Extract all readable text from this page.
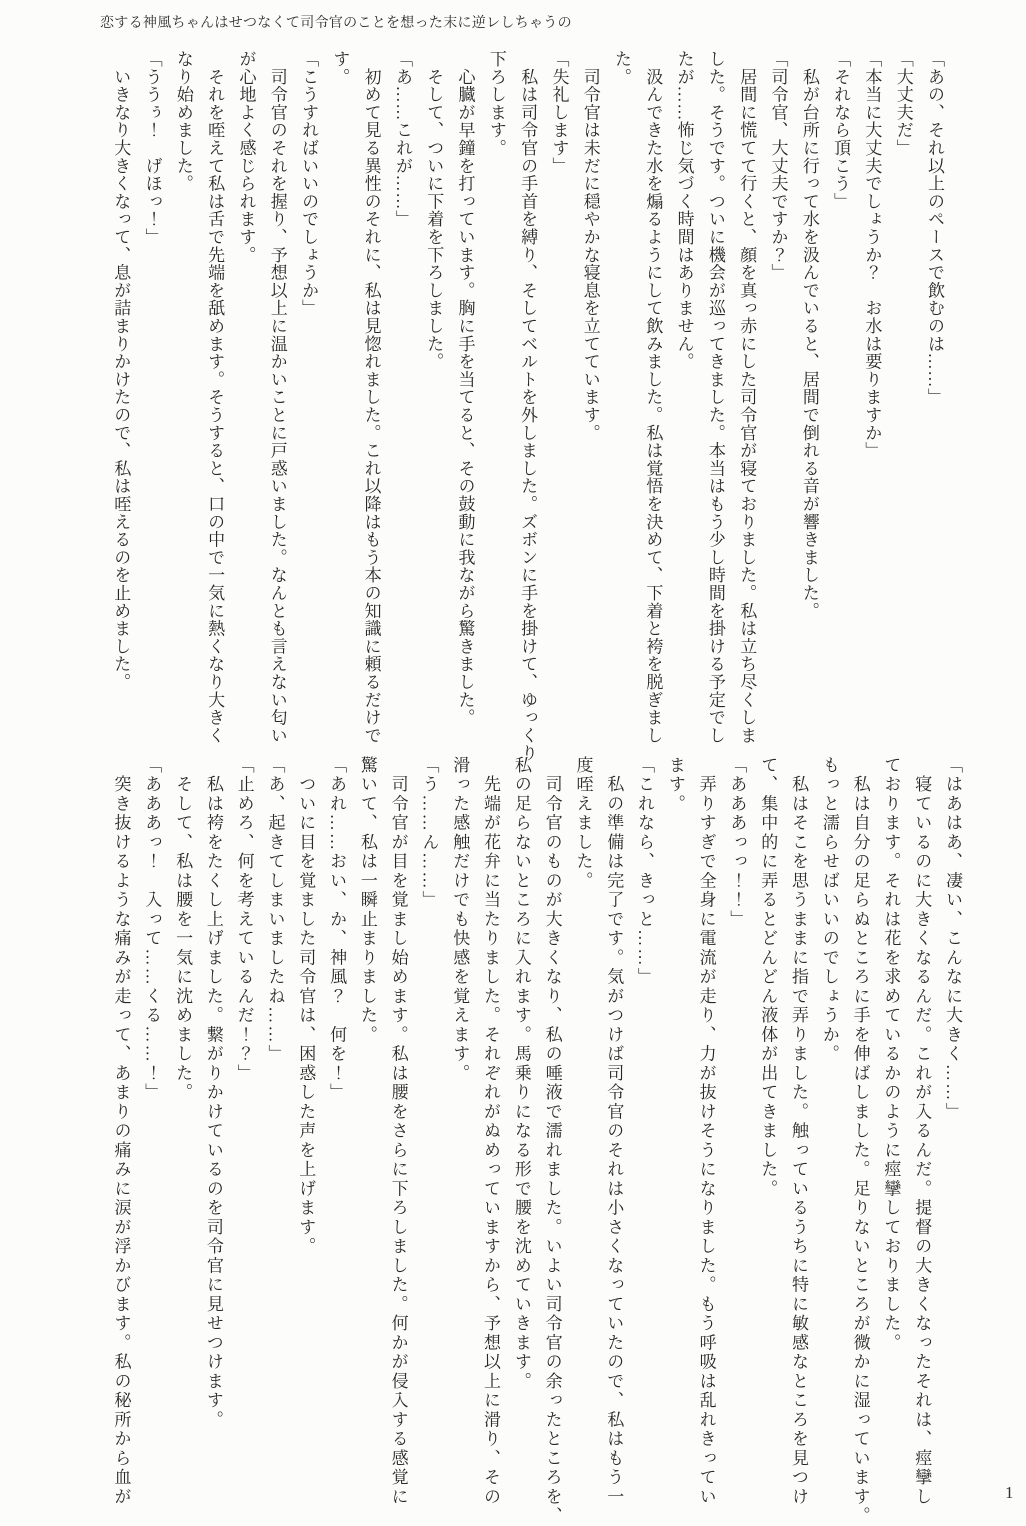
恋する神風ちゃんはせつなくて司令官のことを想った末に逆レしちゃうの
「あの、それ以上のペースで飲むのは……」
「大丈夫だ」
「本当に大丈夫でしょうか？　お水は要りますか」
「それなら頂こう」
　私が台所に行って水を汲んでいると、居間で倒れる音が響きました。
「司令官、大丈夫ですか？」
　居間に慌てて行くと、顔を真っ赤にした司令官が寝ておりました。私は立ち尽くしま
した。そうです。ついに機会が巡ってきました。本当はもう少し時間を掛ける予定でし
たが……怖じ気づく時間はありません。
　汲んできた水を煽るようにして飲みました。私は覚悟を決めて、下着と袴を脱ぎまし
た。
　司令官は未だに穏やかな寝息を立てています。
「失礼します」
　私は司令官の手首を縛り、そしてベルトを外しました。ズボンに手を掛けて、ゆっくり
下ろします。
　心臓が早鐘を打っています。胸に手を当てると、その鼓動に我ながら驚きました。
　そして、ついに下着を下ろしました。
「あ……これが……」
　初めて見る異性のそれに、私は見惚れました。これ以降はもう本の知識に頼るだけで
す。
「こうすればいいのでしょうか」
　司令官のそれを握り、予想以上に温かいことに戸惑いました。なんとも言えない匂い
が心地よく感じられます。
　それを咥えて私は舌で先端を舐めます。そうすると、口の中で一気に熱くなり大きく
なり始めました。
「ううぅ！　げほっ！」
　いきなり大きくなって、息が詰まりかけたので、私は咥えるのを止めました。
「はあはあ、凄い、こんなに大きく……」
　寝ているのに大きくなるんだ。これが入るんだ。提督の大きくなったそれは、痙攣し
ております。それは花を求めているかのように痙攣しておりました。
　私は自分の足らぬところに手を伸ばしました。足りないところが微かに湿っています。
もっと濡らせばいいのでしょうか。
　私はそこを思うままに指で弄りました。触っているうちに特に敏感なところを見つけ
て、集中的に弄るとどんどん液体が出てきました。
「あああっっ！！」
　弄りすぎで全身に電流が走り、力が抜けそうになりました。もう呼吸は乱れきってい
ます。
「これなら、きっと……」
　私の準備は完了です。気がつけば司令官のそれは小さくなっていたので、私はもう一
度咥えました。
　司令官のものが大きくなり、私の唾液で濡れました。いよい司令官の余ったところを、
私の足らないところに入れます。馬乗りになる形で腰を沈めていきます。
　先端が花弁に当たりました。それぞれがぬめっていますから、予想以上に滑り、その
滑った感触だけでも快感を覚えます。
「う……ん……」
　司令官が目を覚まし始めます。私は腰をさらに下ろしました。何かが侵入する感覚に
驚いて、私は一瞬止まりました。
「あれ……おい、か、神風？　何を！」
　ついに目を覚ました司令官は、困惑した声を上げます。
「あ、起きてしまいましたね……」
「止めろ、何を考えているんだ！？」
　私は袴をたくし上げました。繋がりかけているのを司令官に見せつけます。
　そして、私は腰を一気に沈めました。
「あああっ！　入って……くる……！」
　突き抜けるような痛みが走って、あまりの痛みに涙が浮かびます。私の秘所から血が	1
